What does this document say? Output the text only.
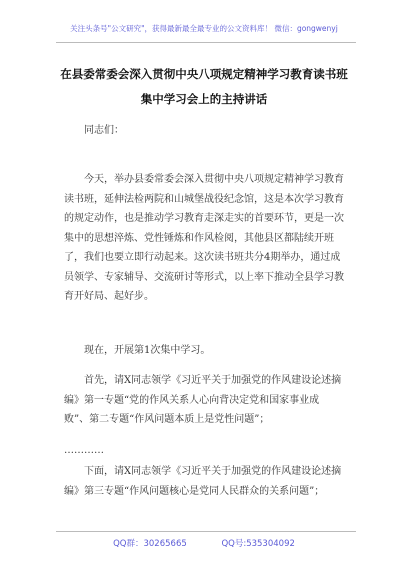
关注头条号"公文研究"，获得最新最全最专业的公文资料库！ 微信：gongwenyj
在县委常委会深入贯彻中央八项规定精神学习教育读书班
集中学习会上的主持讲话

同志们：

今天，举办县委常委会深入贯彻中央八项规定精神学习教育读书班，延伸法检两院和山城堡战役纪念馆，这是本次学习教育的规定动作，也是推动学习教育走深走实的首要环节，更是一次集中的思想淬炼、党性锤炼和作风检阅，其他县区都陆续开班了，我们也要立即行动起来。这次读书班共分4期举办，通过成员领学、专家辅导、交流研讨等形式，以上率下推动全县学习教育开好局、起好步。

现在，开展第1次集中学习。

首先，请X同志领学《习近平关于加强党的作风建设论述摘编》第一专题“党的作风关系人心向背决定党和国家事业成败”、第二专题“作风问题本质上是党性问题”；

…………

下面，请X同志领学《习近平关于加强党的作风建设论述摘编》第三专题“作风问题核心是党同人民群众的关系问题”；

QQ群：30265665	QQ号:535304092
